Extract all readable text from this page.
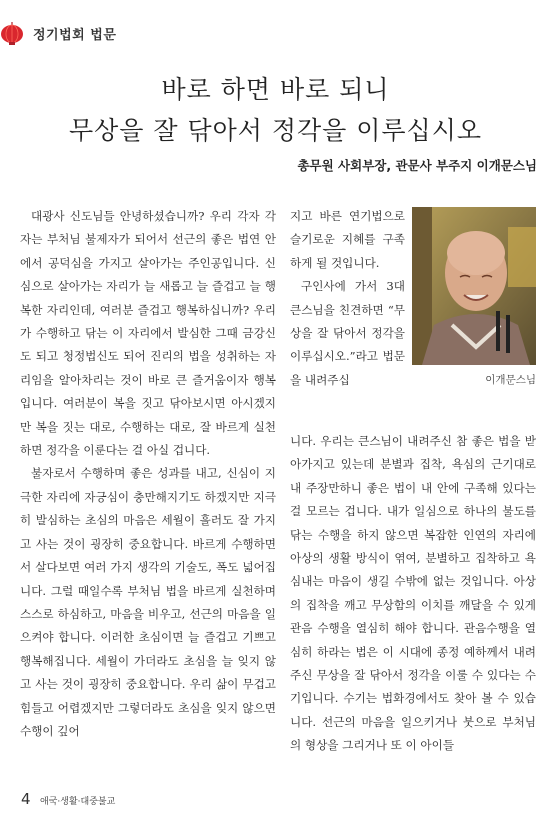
정기법회 법문
바로 하면 바로 되니
무상을 잘 닦아서 정각을 이루십시오
총무원 사회부장, 관문사 부주지 이개문스님

대광사 신도님들 안녕하셨습니까? 우리 각자 각자는 부처님 불제자가 되어서 선근의 좋은 법연 안에서 공덕심을 가지고 살아가는 주인공입니다. 신심으로 살아가는 자리가 늘 새롭고 늘 즐겁고 늘 행복한 자리인데, 여러분 즐겁고 행복하십니까? 우리가 수행하고 닦는 이 자리에서 발심한 그때 금강신도 되고 청정법신도 되어 진리의 법을 성취하는 자리임을 알아차리는 것이 바로 큰 즐거움이자 행복입니다. 여러분이 복을 짓고 닦아보시면 아시겠지만 복을 짓는 대로, 수행하는 대로, 잘 바르게 실천하면 정각을 이룬다는 걸 아실 겁니다.

불자로서 수행하며 좋은 성과를 내고, 신심이 지극한 자리에 자긍심이 충만해지기도 하겠지만 지극히 발심하는 초심의 마음은 세월이 흘러도 잘 가지고 사는 것이 굉장히 중요합니다. 바르게 수행하면서 살다보면 여러 가지 생각의 기술도, 폭도 넓어집니다. 그럴 때일수록 부처님 법을 바르게 실천하며 스스로 하심하고, 마음을 비우고, 선근의 마음을 일으켜야 합니다. 이러한 초심이면 늘 즐겁고 기쁘고 행복해집니다. 세월이 가더라도 초심을 늘 잊지 않고 사는 것이 굉장히 중요합니다. 우리 삶이 무겁고 힘들고 어렵겠지만 그렇더라도 초심을 잊지 않으면 수행이 깊어

지고 바른 연기법으로 슬기로운 지혜를 구족하게 될 것입니다.

구인사에 가서 3대 큰스님을 친견하면 “무상을 잘 닦아서 정각을 이루십시오.”라고 법문을 내려주십	이개문스님

니다. 우리는 큰스님이 내려주신 참 좋은 법을 받아가지고 있는데 분별과 집착, 욕심의 근기대로 내 주장만하니 좋은 법이 내 안에 구족해 있다는 걸 모르는 겁니다. 내가 일심으로 하나의 불도를 닦는 수행을 하지 않으면 복잡한 인연의 자리에 아상의 생활 방식이 엮여, 분별하고 집착하고 욕심내는 마음이 생길 수밖에 없는 것입니다. 아상의 집착을 깨고 무상함의 이치를 깨달을 수 있게 관음 수행을 열심히 해야 합니다. 관음수행을 열심히 하라는 법은 이 시대에 종정 예하께서 내려주신 무상을 잘 닦아서 정각을 이룰 수 있다는 수기입니다. 수기는 법화경에서도 찾아 볼 수 있습니다. 선근의 마음을 일으키거나 붓으로 부처님의 형상을 그리거나 또 이 아이들

4 애국·생활·대중불교
